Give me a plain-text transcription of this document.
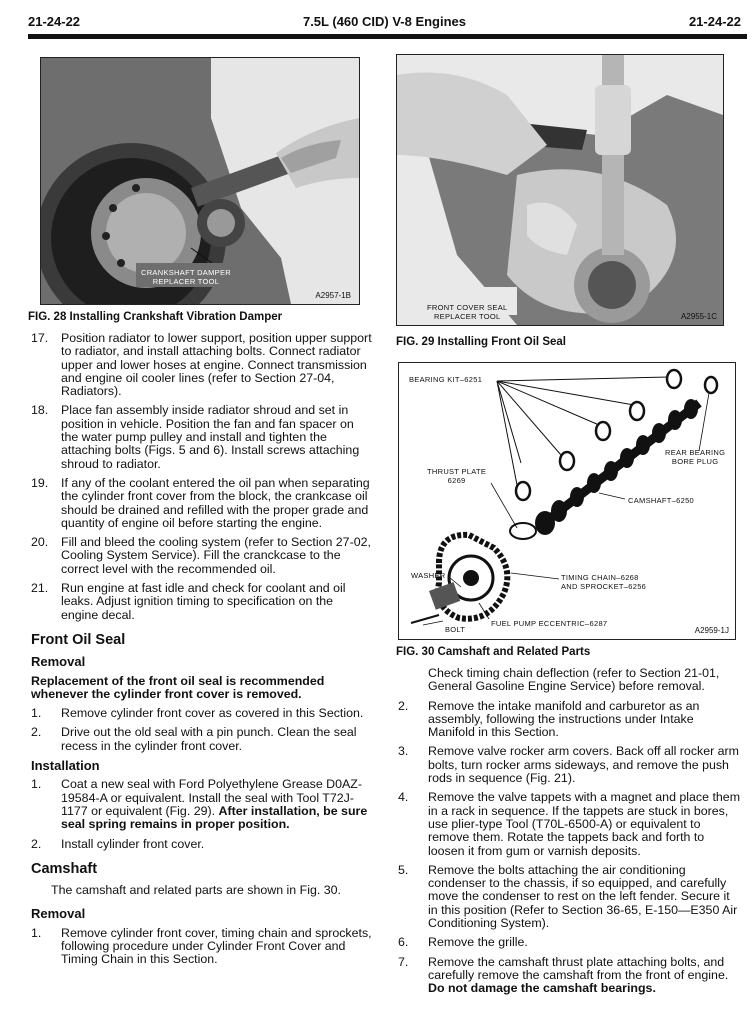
21-24-22	7.5L (460 CID) V-8 Engines	21-24-22
CRANKSHAFT DAMPER
REPLACER TOOL
A2957-1B
FIG. 28 Installing Crankshaft Vibration Damper
FRONT COVER SEAL
REPLACER TOOL	A2955-1C
FIG. 29 Installing Front Oil Seal
BEARING KIT–6251
REAR BEARING
BORE PLUG
THRUST PLATE
6269
CAMSHAFT–6250
WASHER	TIMING CHAIN–6268
AND SPROCKET–6256
BOLT
FUEL PUMP ECCENTRIC–6287
A2959-1J
FIG. 30 Camshaft and Related Parts
17. Position radiator to lower support, position upper support to radiator, and install attaching bolts. Connect radiator upper and lower hoses at engine. Connect transmission and engine oil cooler lines (refer to Section 27-04, Radiators).
18. Place fan assembly inside radiator shroud and set in position in vehicle. Position the fan and fan spacer on the water pump pulley and install and tighten the attaching bolts (Figs. 5 and 6). Install screws attaching shroud to radiator.
19. If any of the coolant entered the oil pan when separating the cylinder front cover from the block, the crankcase oil should be drained and refilled with the proper grade and quantity of engine oil before starting the engine.
20. Fill and bleed the cooling system (refer to Section 27-02, Cooling System Service). Fill the cranckcase to the correct level with the recommended oil.
21. Run engine at fast idle and check for coolant and oil leaks. Adjust ignition timing to specification on the engine decal.
Front Oil Seal
Removal
Replacement of the front oil seal is recommended whenever the cylinder front cover is removed.
1. Remove cylinder front cover as covered in this Section.
2. Drive out the old seal with a pin punch. Clean the seal recess in the cylinder front cover.
Installation
1. Coat a new seal with Ford Polyethylene Grease D0AZ-19584-A or equivalent. Install the seal with Tool T72J-1177 or equivalent (Fig. 29). After installation, be sure seal spring remains in proper position.
2. Install cylinder front cover.
Camshaft
The camshaft and related parts are shown in Fig. 30.
Removal
1. Remove cylinder front cover, timing chain and sprockets, following procedure under Cylinder Front Cover and Timing Chain in this Section.
Check timing chain deflection (refer to Section 21-01, General Gasoline Engine Service) before removal.
2. Remove the intake manifold and carburetor as an assembly, following the instructions under Intake Manifold in this Section.
3. Remove valve rocker arm covers. Back off all rocker arm bolts, turn rocker arms sideways, and remove the push rods in sequence (Fig. 21).
4. Remove the valve tappets with a magnet and place them in a rack in sequence. If the tappets are stuck in bores, use plier-type Tool (T70L-6500-A) or equivalent to remove them. Rotate the tappets back and forth to loosen it from gum or varnish deposits.
5. Remove the bolts attaching the air conditioning condenser to the chassis, if so equipped, and carefully move the condenser to rest on the left fender. Secure it in this position (Refer to Section 36-65, E-150—E350 Air Conditioning System).
6. Remove the grille.
7. Remove the camshaft thrust plate attaching bolts, and carefully remove the camshaft from the front of engine. Do not damage the camshaft bearings.
